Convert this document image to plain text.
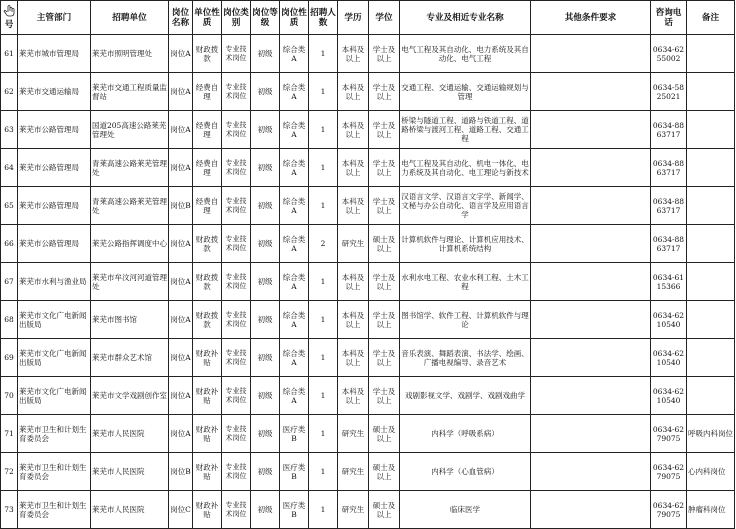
号	主管部门	招聘单位	岗位名称	单位性质	岗位类别	岗位等级	岗位性质	招聘人数	学历	学位	专业及相近专业名称	其他条件要求	咨询电话	备注
61	莱芜市城市管理局	莱芜市照明管理处	岗位A	财政拨款	专业技术岗位	初级	综合类A	1	本科及以上	学士及以上	电气工程及其自动化、电力系统及其自动化、电气工程		0634-6255002	
62	莱芜市交通运输局	莱芜市交通工程质量监督站	岗位A	经费自理	专业技术岗位	初级	综合类A	1	本科及以上	学士及以上	交通工程、交通运输、交通运输规划与管理		0634-5825021	
63	莱芜市公路管理局	国道205高速公路莱芜管理处	岗位A	经费自理	专业技术岗位	初级	综合类A	1	本科及以上	学士及以上	桥梁与隧道工程、道路与铁道工程、道路桥梁与渡河工程、道路工程、交通工程		0634-8863717	
64	莱芜市公路管理局	青莱高速公路莱芜管理处	岗位A	经费自理	专业技术岗位	初级	综合类A	1	本科及以上	学士及以上	电气工程及其自动化、机电一体化、电力系统及其自动化、电工理论与新技术		0634-8863717	
65	莱芜市公路管理局	青莱高速公路莱芜管理处	岗位B	经费自理	专业技术岗位	初级	综合类A	1	本科及以上	学士及以上	汉语言文学、汉语言文字学、新闻学、文秘与办公自动化、语言学及应用语言学		0634-8863717	
66	莱芜市公路管理局	莱芜公路指挥调度中心	岗位A	财政拨款	专业技术岗位	初级	综合类A	2	研究生	硕士及以上	计算机软件与理论、计算机应用技术、计算机系统结构		0634-8863717	
67	莱芜市水利与渔业局	莱芜市牟汶河河道管理处	岗位A	财政拨款	专业技术岗位	初级	综合类A	1	本科及以上	学士及以上	水利水电工程、农业水利工程、土木工程		0634-6115366	
68	莱芜市文化广电新闻出版局	莱芜市图书馆	岗位A	财政拨款	专业技术岗位	初级	综合类A	1	本科及以上	学士及以上	图书馆学、软件工程、计算机软件与理论		0634-6210540	
69	莱芜市文化广电新闻出版局	莱芜市群众艺术馆	岗位A	财政补贴	专业技术岗位	初级	综合类A	1	本科及以上	学士及以上	音乐表演、舞蹈表演、书法学、绘画、广播电视编导、录音艺术		0634-6210540	
70	莱芜市文化广电新闻出版局	莱芜市文学戏剧创作室	岗位A	财政补贴	专业技术岗位	初级	综合类A	1	本科及以上	学士及以上	戏剧影视文学、戏剧学、戏剧戏曲学		0634-6210540	
71	莱芜市卫生和计划生育委员会	莱芜市人民医院	岗位A	财政补贴	专业技术岗位	初级	医疗类B	1	研究生	硕士及以上	内科学（呼吸系病）		0634-6279075	呼吸内科岗位
72	莱芜市卫生和计划生育委员会	莱芜市人民医院	岗位B	财政补贴	专业技术岗位	初级	医疗类B	1	研究生	硕士及以上	内科学（心血管病）		0634-6279075	心内科岗位
73	莱芜市卫生和计划生育委员会	莱芜市人民医院	岗位C	财政补贴	专业技术岗位	初级	医疗类B	1	研究生	硕士及以上	临床医学		0634-6279075	肿瘤科岗位
